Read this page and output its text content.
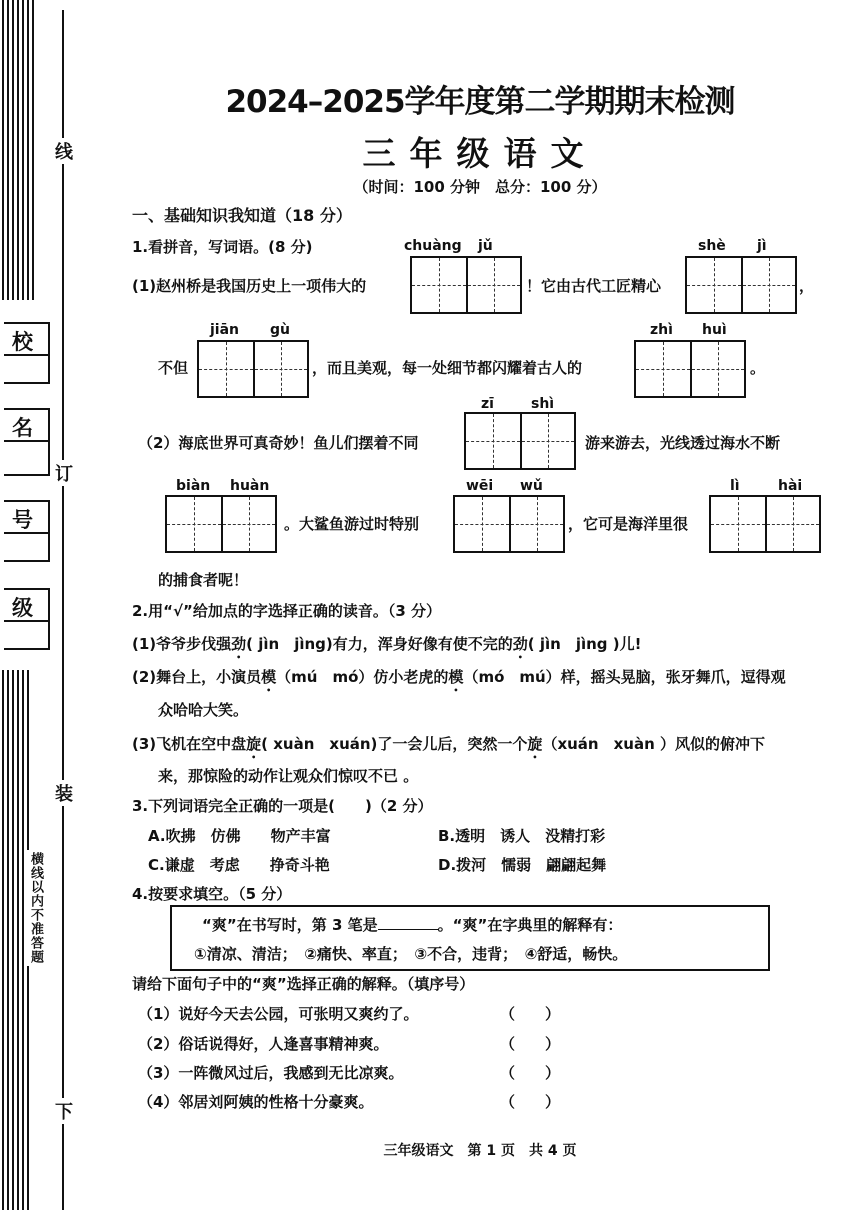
线
订
装
下
校
名
号
级
横线以内不准答题
2024–2025学年度第二学期期末检测
三年级语文
（时间：100 分钟　总分：100 分）
一、基础知识我知道（18 分）
1.看拼音，写词语。(8 分)	chuàng jǔ	shè jì
(1)赵州桥是我国历史上一项伟大的	！它由古代工匠精心	，
jiān gù	zhì huì
不但	，而且美观，每一处细节都闪耀着古人的	。
zī	shì
（2）海底世界可真奇妙！鱼儿们摆着不同	游来游去，光线透过海水不断
biàn huàn	wēi wǔ	lì	hài
。大鲨鱼游过时特别	，它可是海洋里很
的捕食者呢！
2.用“√”给加点的字选择正确的读音。（3 分）
(1)爷爷步伐强劲( jìn　jìng)有力，浑身好像有使不完的劲( jìn　jìng )儿!
(2)舞台上，小演员模（mú　mó）仿小老虎的模（mó　mú）样，摇头晃脑，张牙舞爪，逗得观
众哈哈大笑。
(3)飞机在空中盘旋( xuàn　xuán)了一会儿后，突然一个旋（xuán　xuàn ）风似的俯冲下
来，那惊险的动作让观众们惊叹不已 。
3.下列词语完全正确的一项是(　　)（2 分）
A.吹拂　仿佛　　物产丰富	B.透明　诱人　没精打彩
C.谦虚　考虑　　挣奇斗艳	D.拨河　懦弱　翩翩起舞
4.按要求填空。（5 分）
“爽”在书写时，第 3 笔是	。“爽”在字典里的解释有：
①清凉、清洁；　②痛快、率直；　③不合，违背；　④舒适，畅快。
请给下面句子中的“爽”选择正确的解释。（填序号）
（1）说好今天去公园，可张明又爽约了。	（　　）
（2）俗话说得好，人逢喜事精神爽。	（　　）
（3）一阵微风过后，我感到无比凉爽。	（　　）
（4）邻居刘阿姨的性格十分豪爽。	（　　）
三年级语文　第 1 页　共 4 页
